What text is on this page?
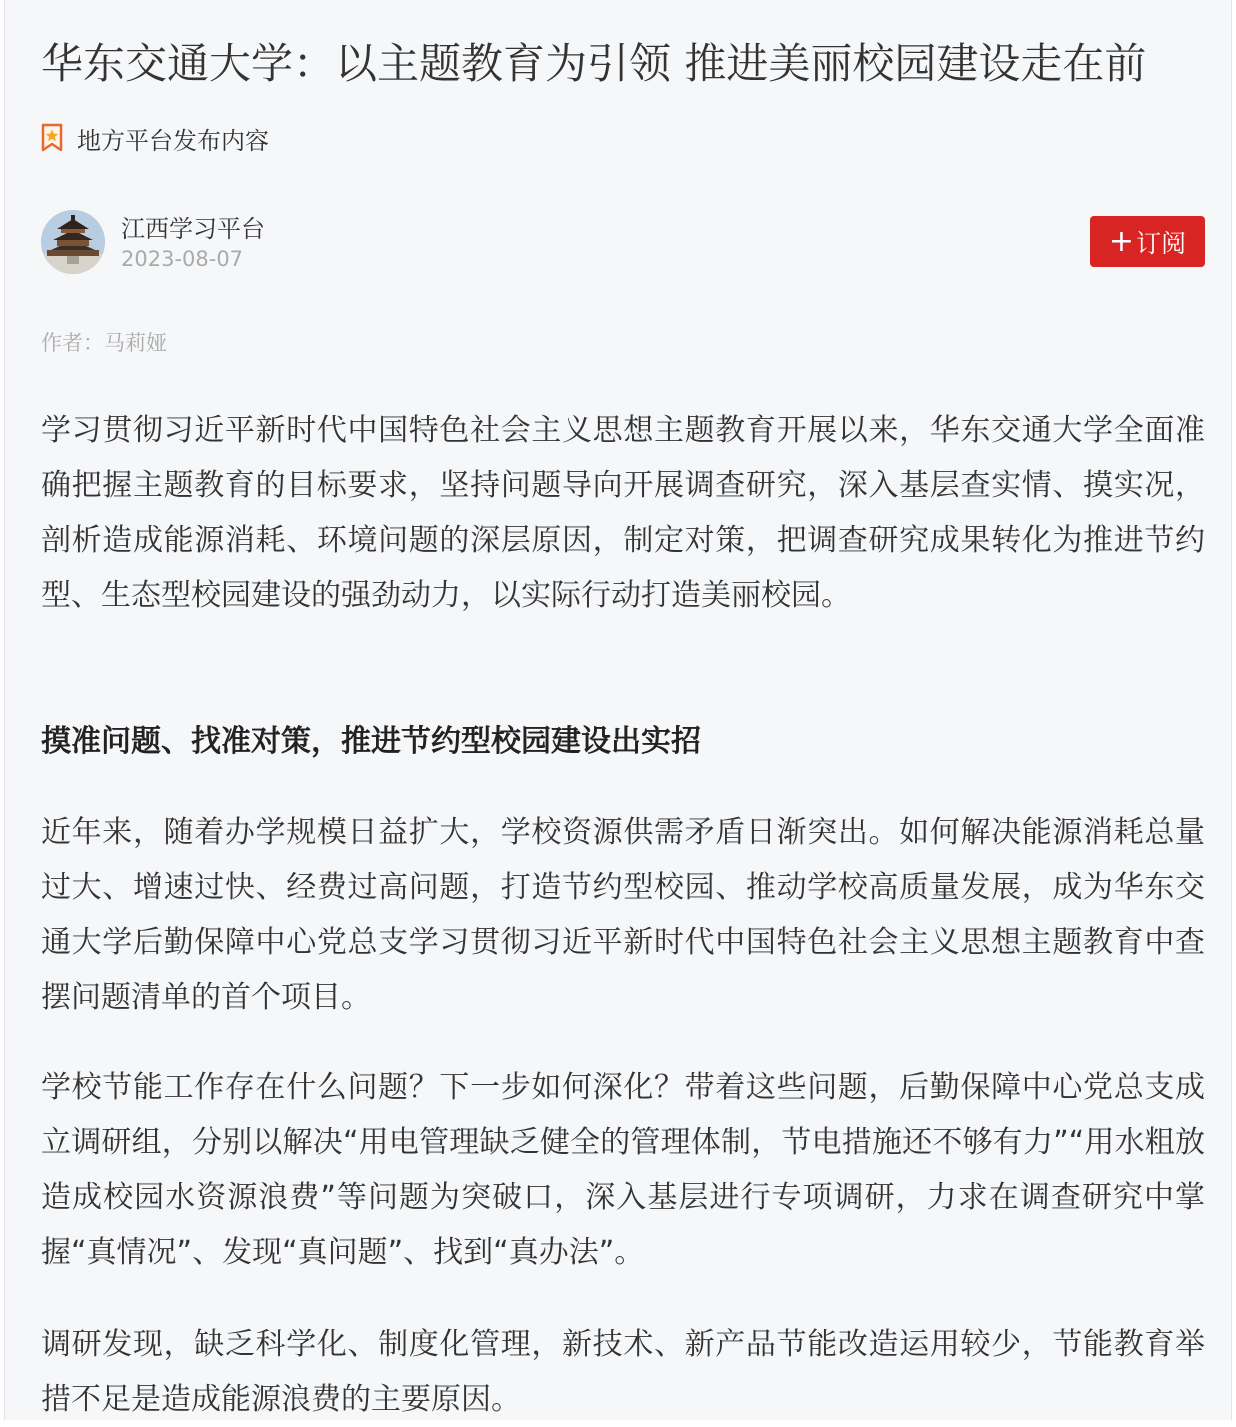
华东交通大学：以主题教育为引领 推进美丽校园建设走在前
地方平台发布内容
江西学习平台
2023-08-07
+ 订阅
作者：马莉娅

学习贯彻习近平新时代中国特色社会主义思想主题教育开展以来，华东交通大学全面准确把握主题教育的目标要求，坚持问题导向开展调查研究，深入基层查实情、摸实况，剖析造成能源消耗、环境问题的深层原因，制定对策，把调查研究成果转化为推进节约型、生态型校园建设的强劲动力，以实际行动打造美丽校园。

摸准问题、找准对策，推进节约型校园建设出实招

近年来，随着办学规模日益扩大，学校资源供需矛盾日渐突出。如何解决能源消耗总量过大、增速过快、经费过高问题，打造节约型校园、推动学校高质量发展，成为华东交通大学后勤保障中心党总支学习贯彻习近平新时代中国特色社会主义思想主题教育中查摆问题清单的首个项目。

学校节能工作存在什么问题？下一步如何深化？带着这些问题，后勤保障中心党总支成立调研组，分别以解决“用电管理缺乏健全的管理体制，节电措施还不够有力”“用水粗放造成校园水资源浪费”等问题为突破口，深入基层进行专项调研，力求在调查研究中掌握“真情况”、发现“真问题”、找到“真办法”。

调研发现，缺乏科学化、制度化管理，新技术、新产品节能改造运用较少，节能教育举措不足是造成能源浪费的主要原因。
